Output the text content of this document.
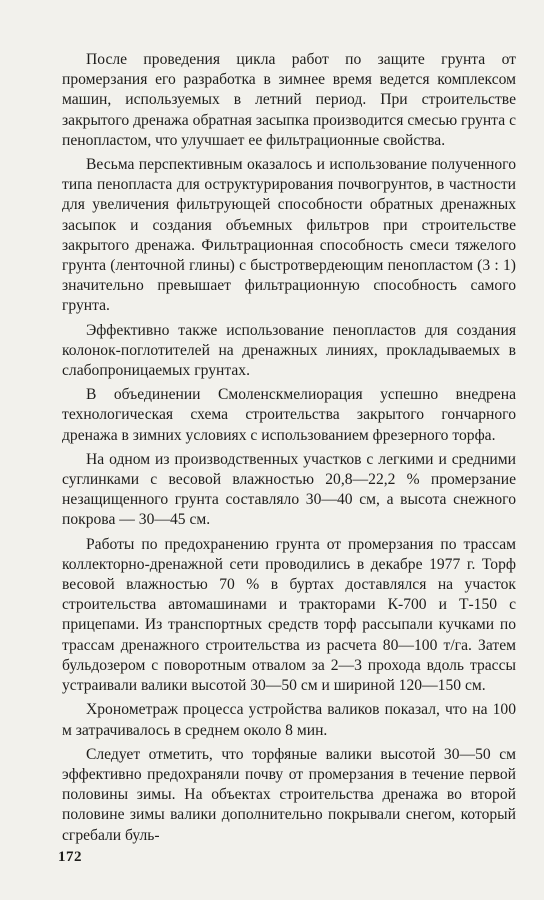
После проведения цикла работ по защите грунта от промерзания его разработка в зимнее время ведется комплексом машин, используемых в летний период. При строительстве закрытого дренажа обратная засыпка производится смесью грунта с пенопластом, что улучшает ее фильтрационные свойства.

Весьма перспективным оказалось и использование полученного типа пенопласта для оструктурирования почвогрунтов, в частности для увеличения фильтрующей способности обратных дренажных засыпок и создания объемных фильтров при строительстве закрытого дренажа. Фильтрационная способность смеси тяжелого грунта (ленточной глины) с быстротвердеющим пенопластом (3 : 1) значительно превышает фильтрационную способность самого грунта.

Эффективно также использование пенопластов для создания колонок-поглотителей на дренажных линиях, прокладываемых в слабопроницаемых грунтах.

В объединении Смоленскмелиорация успешно внедрена технологическая схема строительства закрытого гончарного дренажа в зимних условиях с использованием фрезерного торфа.

На одном из производственных участков с легкими и средними суглинками с весовой влажностью 20,8—22,2 % промерзание незащищенного грунта составляло 30—40 см, а высота снежного покрова — 30—45 см.

Работы по предохранению грунта от промерзания по трассам коллекторно-дренажной сети проводились в декабре 1977 г. Торф весовой влажностью 70 % в буртах доставлялся на участок строительства автомашинами и тракторами К-700 и Т-150 с прицепами. Из транспортных средств торф рассыпали кучками по трассам дренажного строительства из расчета 80—100 т/га. Затем бульдозером с поворотным отвалом за 2—3 прохода вдоль трассы устраивали валики высотой 30—50 см и шириной 120—150 см.

Хронометраж процесса устройства валиков показал, что на 100 м затрачивалось в среднем около 8 мин.

Следует отметить, что торфяные валики высотой 30—50 см эффективно предохраняли почву от промерзания в течение первой половины зимы. На объектах строительства дренажа во второй половине зимы валики дополнительно покрывали снегом, который сгребали буль-

172
